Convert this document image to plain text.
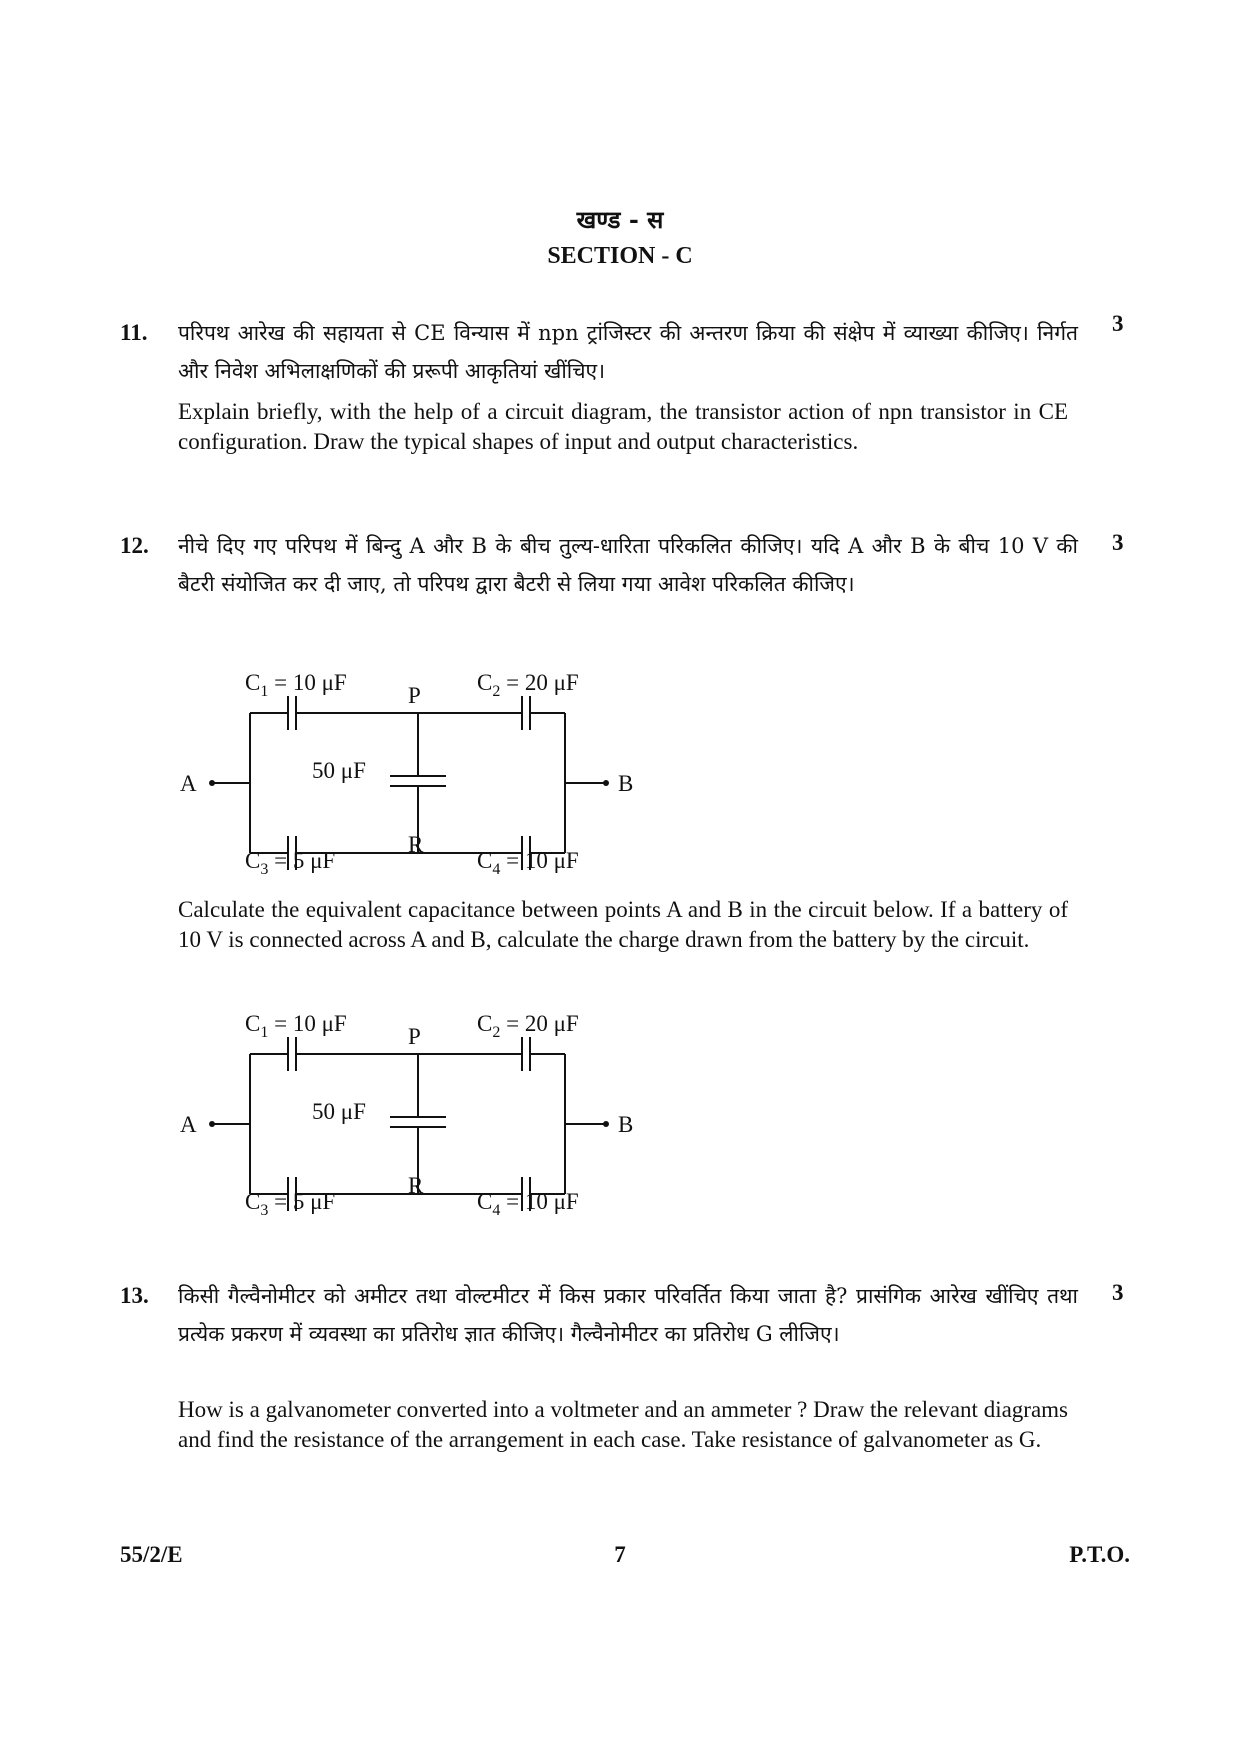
खण्ड - स
SECTION - C
11.	3
परिपथ आरेख की सहायता से CE विन्यास में npn ट्रांजिस्टर की अन्तरण क्रिया की संक्षेप में व्याख्या कीजिए। निर्गत और निवेश अभिलाक्षणिकों की प्ररूपी आकृतियां खींचिए।
Explain briefly, with the help of a circuit diagram, the transistor action of npn transistor in CE configuration. Draw the typical shapes of input and output characteristics.
12.	3
नीचे दिए गए परिपथ में बिन्दु A और B के बीच तुल्य-धारिता परिकलित कीजिए। यदि A और B के बीच 10 V की बैटरी संयोजित कर दी जाए, तो परिपथ द्वारा बैटरी से लिया गया आवेश परिकलित कीजिए।
A	B
P
R
50 μF
$C_1 = 10$ μF	$C_2 = 20$ μF
$C_3 = 5$ μF	$C_4 = 10$ μF
Calculate the equivalent capacitance between points A and B in the circuit below. If a battery of 10 V is connected across A and B, calculate the charge drawn from the battery by the circuit.
A	B
P
R
50 μF
$C_1 = 10$ μF	$C_2 = 20$ μF
$C_3 = 5$ μF	$C_4 = 10$ μF
13.	3
किसी गैल्वैनोमीटर को अमीटर तथा वोल्टमीटर में किस प्रकार परिवर्तित किया जाता है? प्रासंगिक आरेख खींचिए तथा प्रत्येक प्रकरण में व्यवस्था का प्रतिरोध ज्ञात कीजिए। गैल्वैनोमीटर का प्रतिरोध G लीजिए।
How is a galvanometer converted into a voltmeter and an ammeter ? Draw the relevant diagrams and find the resistance of the arrangement in each case. Take resistance of galvanometer as G.
55/2/E	7	P.T.O.
